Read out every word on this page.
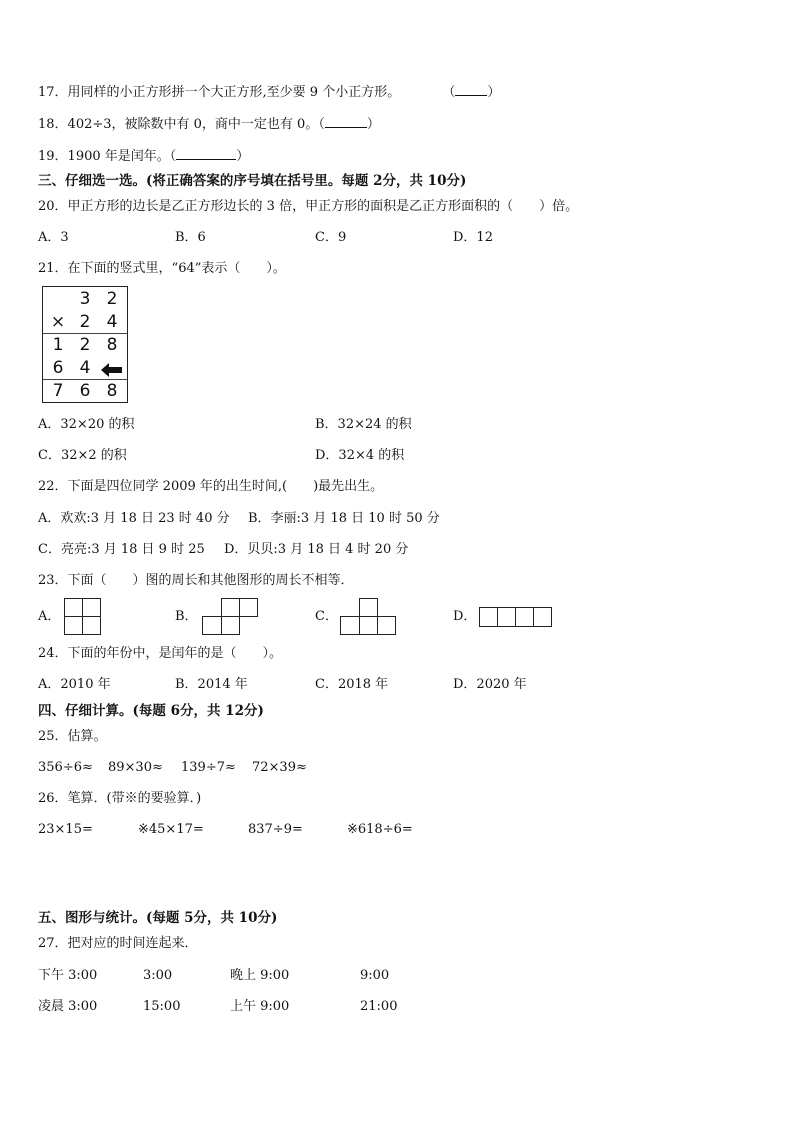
17．用同样的小正方形拼一个大正方形,至少要 9 个小正方形。	（ ）
18．402÷3，被除数中有 0，商中一定也有 0。（	）
19．1900 年是闰年。（	）
三、仔细选一选。(将正确答案的序号填在括号里。每题 2分，共 10分)
20．甲正方形的边长是乙正方形边长的 3 倍，甲正方形的面积是乙正方形面积的（　　）倍。
A．3	B．6	C．9	D．12
21．在下面的竖式里，“64”表示（　　）。
3 2
× 2 4
1 2 8
6 4
7 6 8
A．32×20 的积	B．32×24 的积
C．32×2 的积	D．32×4 的积
22．下面是四位同学 2009 年的出生时间,(　　)最先出生。
A．欢欢:3 月 18 日 23 时 40 分 B．李丽:3 月 18 日 10 时 50 分
C．亮亮:3 月 18 日 9 时 25 D．贝贝:3 月 18 日 4 时 20 分
23．下面（　　）图的周长和其他图形的周长不相等．
A．	B．	C．	D．
24．下面的年份中，是闰年的是（　　）。
A．2010 年	B．2014 年	C．2018 年	D．2020 年
四、仔细计算。(每题 6分，共 12分)
25．估算。
356÷6≈ 89×30≈ 139÷7≈ 72×39≈
26．笔算．(带※的要验算．)
23×15=	※45×17=	837÷9=	※618÷6=
五、图形与统计。(每题 5分，共 10分)
27．把对应的时间连起来．
下午 3:00	3:00	晚上 9:00	9:00
凌晨 3:00	15:00	上午 9:00	21:00
